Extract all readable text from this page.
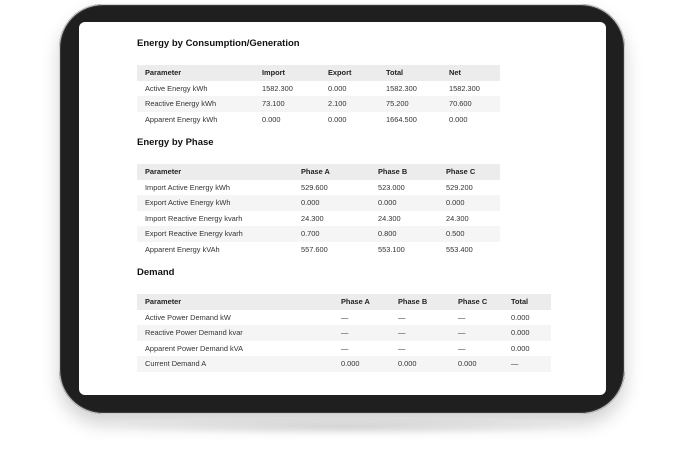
Energy by Consumption/Generation
Parameter	Import	Export	Total	Net
Active Energy kWh	1582.300	0.000	1582.300	1582.300
Reactive Energy kWh	73.100	2.100	75.200	70.600
Apparent Energy kWh	0.000	0.000	1664.500	0.000
Energy by Phase
Parameter	Phase A	Phase B	Phase C
Import Active Energy kWh	529.600	523.000	529.200
Export Active Energy kWh	0.000	0.000	0.000
Import Reactive Energy kvarh	24.300	24.300	24.300
Export Reactive Energy kvarh	0.700	0.800	0.500
Apparent Energy kVAh	557.600	553.100	553.400
Demand
Parameter	Phase A	Phase B	Phase C	Total
Active Power Demand kW	—	—	—	0.000
Reactive Power Demand kvar	—	—	—	0.000
Apparent Power Demand kVA	—	—	—	0.000
Current Demand A	0.000	0.000	0.000	—
